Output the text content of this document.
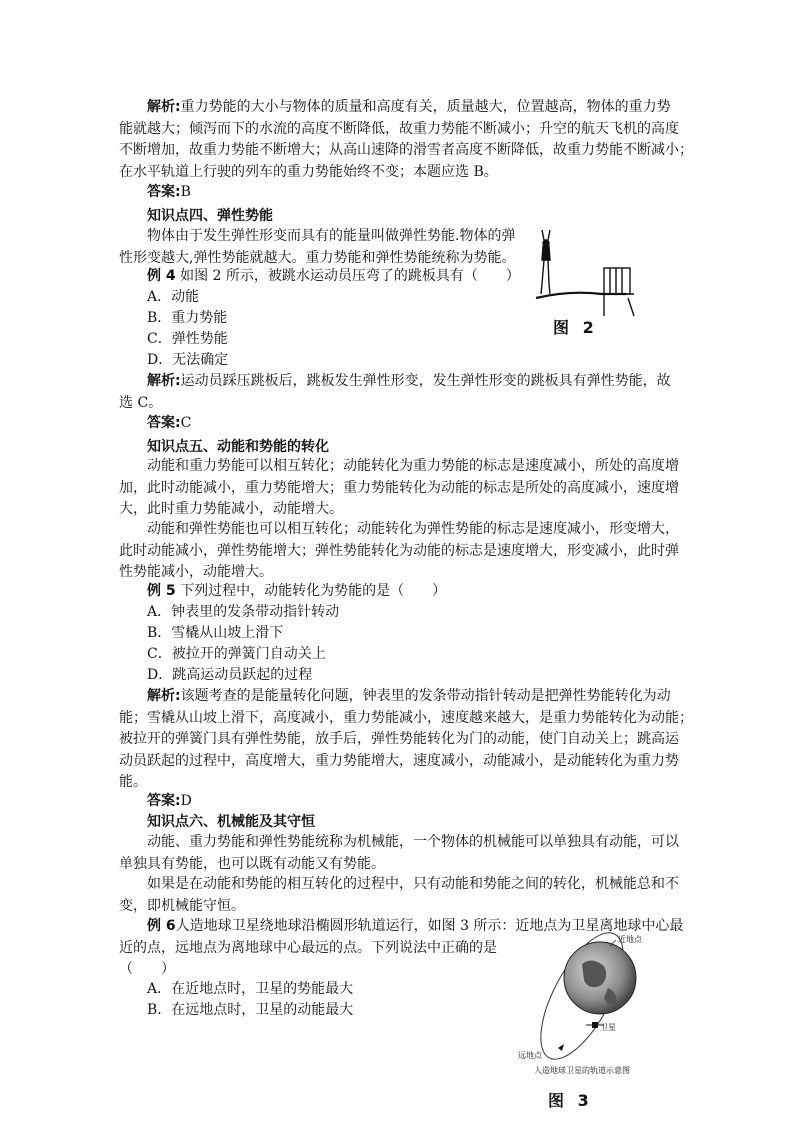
解析:重力势能的大小与物体的质量和高度有关，质量越大，位置越高，物体的重力势
能就越大；倾泻而下的水流的高度不断降低，故重力势能不断减小；升空的航天飞机的高度
不断增加，故重力势能不断增大；从高山速降的滑雪者高度不断降低，故重力势能不断减小；
在水平轨道上行驶的列车的重力势能始终不变；本题应选 B。
答案:B
知识点四、弹性势能
物体由于发生弹性形变而具有的能量叫做弹性势能.物体的弹
性形变越大,弹性势能就越大。重力势能和弹性势能统称为势能。
例 4 如图 2 所示，被跳水运动员压弯了的跳板具有（　　）
A．动能
B．重力势能
C．弹性势能
D．无法确定
图 2
解析:运动员踩压跳板后，跳板发生弹性形变，发生弹性形变的跳板具有弹性势能，故
选 C。
答案:C
知识点五、动能和势能的转化
动能和重力势能可以相互转化；动能转化为重力势能的标志是速度减小，所处的高度增
加，此时动能减小，重力势能增大；重力势能转化为动能的标志是所处的高度减小，速度增
大，此时重力势能减小，动能增大。
动能和弹性势能也可以相互转化；动能转化为弹性势能的标志是速度减小，形变增大，
此时动能减小，弹性势能增大；弹性势能转化为动能的标志是速度增大，形变减小，此时弹
性势能减小，动能增大。
例 5 下列过程中，动能转化为势能的是（　　）
A．钟表里的发条带动指针转动
B．雪橇从山坡上滑下
C．被拉开的弹簧门自动关上
D．跳高运动员跃起的过程
解析:该题考查的是能量转化问题，钟表里的发条带动指针转动是把弹性势能转化为动
能；雪橇从山坡上滑下，高度减小，重力势能减小，速度越来越大，是重力势能转化为动能；
被拉开的弹簧门具有弹性势能，放手后，弹性势能转化为门的动能，使门自动关上；跳高运
动员跃起的过程中，高度增大，重力势能增大，速度减小，动能减小，是动能转化为重力势
能。
答案:D
知识点六、机械能及其守恒
动能、重力势能和弹性势能统称为机械能，一个物体的机械能可以单独具有动能，可以
单独具有势能，也可以既有动能又有势能。
如果是在动能和势能的相互转化的过程中，只有动能和势能之间的转化，机械能总和不
变，即机械能守恒。
例 6人造地球卫星绕地球沿椭圆形轨道运行，如图 3 所示：近地点为卫星离地球中心最
近的点，远地点为离地球中心最远的点。下列说法中正确的是
（　　）
A．在近地点时，卫星的势能最大
B．在远地点时，卫星的动能最大
近地点
卫星
远地点
人造地球卫星的轨道示意图
图 3
